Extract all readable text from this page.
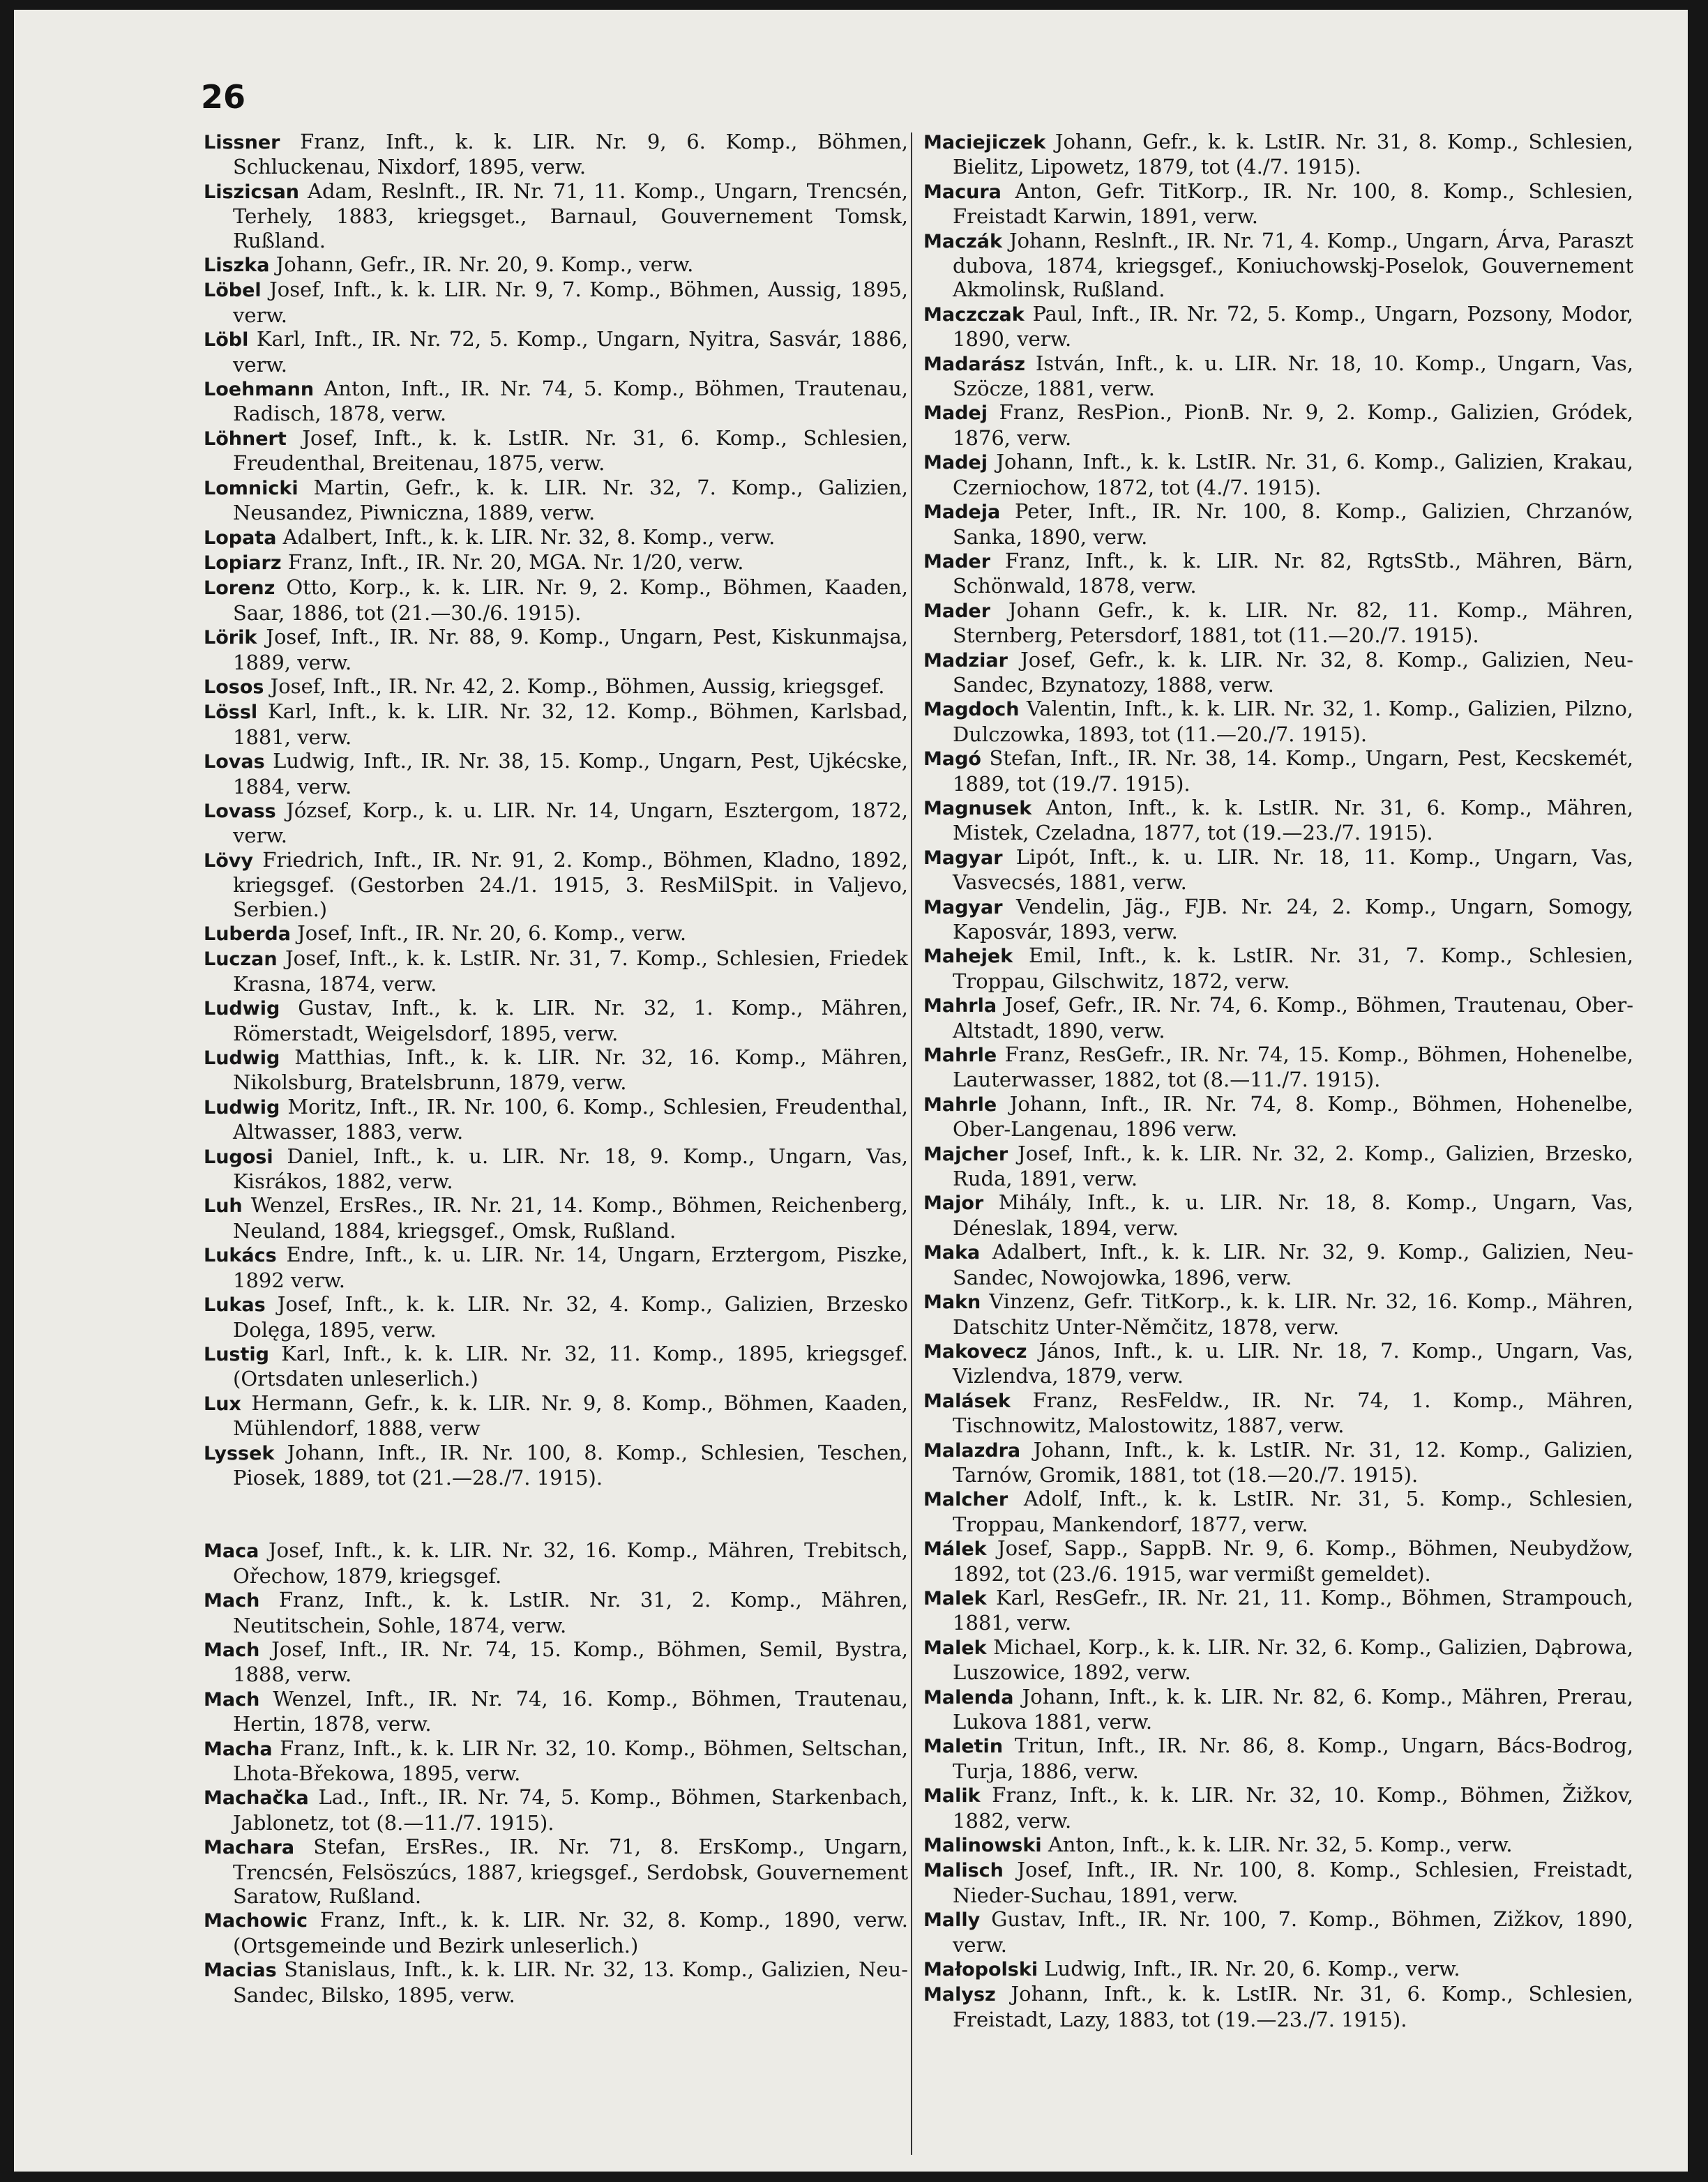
26

Lissner Franz, Inft., k. k. LIR. Nr. 9, 6. Komp., Böhmen, Schluckenau, Nixdorf, 1895, verw.

Liszicsan Adam, Reslnft., IR. Nr. 71, 11. Komp., Ungarn, Trencsén, Terhely, 1883, kriegsget., Barnaul, Gouvernement Tomsk, Rußland.

Liszka Johann, Gefr., IR. Nr. 20, 9. Komp., verw.

Löbel Josef, Inft., k. k. LIR. Nr. 9, 7. Komp., Böhmen, Aussig, 1895, verw.

Löbl Karl, Inft., IR. Nr. 72, 5. Komp., Ungarn, Nyitra, Sasvár, 1886, verw.

Loehmann Anton, Inft., IR. Nr. 74, 5. Komp., Böhmen, Trautenau, Radisch, 1878, verw.

Löhnert Josef, Inft., k. k. LstIR. Nr. 31, 6. Komp., Schlesien, Freudenthal, Breitenau, 1875, verw.

Lomnicki Martin, Gefr., k. k. LIR. Nr. 32, 7. Komp., Galizien, Neusandez, Piwniczna, 1889, verw.

Lopata Adalbert, Inft., k. k. LIR. Nr. 32, 8. Komp., verw.

Lopiarz Franz, Inft., IR. Nr. 20, MGA. Nr. 1/20, verw.

Lorenz Otto, Korp., k. k. LIR. Nr. 9, 2. Komp., Böhmen, Kaaden, Saar, 1886, tot (21.—30./6. 1915).

Lörik Josef, Inft., IR. Nr. 88, 9. Komp., Ungarn, Pest, Kiskunmajsa, 1889, verw.

Losos Josef, Inft., IR. Nr. 42, 2. Komp., Böhmen, Aussig, kriegsgef.

Lössl Karl, Inft., k. k. LIR. Nr. 32, 12. Komp., Böhmen, Karlsbad, 1881, verw.

Lovas Ludwig, Inft., IR. Nr. 38, 15. Komp., Ungarn, Pest, Ujkécske, 1884, verw.

Lovass József, Korp., k. u. LIR. Nr. 14, Ungarn, Esztergom, 1872, verw.

Lövy Friedrich, Inft., IR. Nr. 91, 2. Komp., Böhmen, Kladno, 1892, kriegsgef. (Gestorben 24./1. 1915, 3. ResMilSpit. in Valjevo, Serbien.)

Luberda Josef, Inft., IR. Nr. 20, 6. Komp., verw.

Luczan Josef, Inft., k. k. LstIR. Nr. 31, 7. Komp., Schlesien, Friedek Krasna, 1874, verw.

Ludwig Gustav, Inft., k. k. LIR. Nr. 32, 1. Komp., Mähren, Römerstadt, Weigelsdorf, 1895, verw.

Ludwig Matthias, Inft., k. k. LIR. Nr. 32, 16. Komp., Mähren, Nikolsburg, Bratelsbrunn, 1879, verw.

Ludwig Moritz, Inft., IR. Nr. 100, 6. Komp., Schlesien, Freudenthal, Altwasser, 1883, verw.

Lugosi Daniel, Inft., k. u. LIR. Nr. 18, 9. Komp., Ungarn, Vas, Kisrákos, 1882, verw.

Luh Wenzel, ErsRes., IR. Nr. 21, 14. Komp., Böhmen, Reichenberg, Neuland, 1884, kriegsgef., Omsk, Rußland.

Lukács Endre, Inft., k. u. LIR. Nr. 14, Ungarn, Erztergom, Piszke, 1892 verw.

Lukas Josef, Inft., k. k. LIR. Nr. 32, 4. Komp., Galizien, Brzesko Dolęga, 1895, verw.

Lustig Karl, Inft., k. k. LIR. Nr. 32, 11. Komp., 1895, kriegsgef. (Ortsdaten unleserlich.)

Lux Hermann, Gefr., k. k. LIR. Nr. 9, 8. Komp., Böhmen, Kaaden, Mühlendorf, 1888, verw

Lyssek Johann, Inft., IR. Nr. 100, 8. Komp., Schlesien, Teschen, Piosek, 1889, tot (21.—28./7. 1915).

Maca Josef, Inft., k. k. LIR. Nr. 32, 16. Komp., Mähren, Trebitsch, Ořechow, 1879, kriegsgef.

Mach Franz, Inft., k. k. LstIR. Nr. 31, 2. Komp., Mähren, Neutitschein, Sohle, 1874, verw.

Mach Josef, Inft., IR. Nr. 74, 15. Komp., Böhmen, Semil, Bystra, 1888, verw.

Mach Wenzel, Inft., IR. Nr. 74, 16. Komp., Böhmen, Trautenau, Hertin, 1878, verw.

Macha Franz, Inft., k. k. LIR Nr. 32, 10. Komp., Böhmen, Seltschan, Lhota-Břekowa, 1895, verw.

Machačka Lad., Inft., IR. Nr. 74, 5. Komp., Böhmen, Starkenbach, Jablonetz, tot (8.—11./7. 1915).

Machara Stefan, ErsRes., IR. Nr. 71, 8. ErsKomp., Ungarn, Trencsén, Felsöszúcs, 1887, kriegsgef., Serdobsk, Gouvernement Saratow, Rußland.

Machowic Franz, Inft., k. k. LIR. Nr. 32, 8. Komp., 1890, verw. (Ortsgemeinde und Bezirk unleserlich.)

Macias Stanislaus, Inft., k. k. LIR. Nr. 32, 13. Komp., Galizien, Neu-Sandec, Bilsko, 1895, verw.

Maciejiczek Johann, Gefr., k. k. LstIR. Nr. 31, 8. Komp., Schlesien, Bielitz, Lipowetz, 1879, tot (4./7. 1915).

Macura Anton, Gefr. TitKorp., IR. Nr. 100, 8. Komp., Schlesien, Freistadt Karwin, 1891, verw.

Maczák Johann, Reslnft., IR. Nr. 71, 4. Komp., Ungarn, Árva, Paraszt dubova, 1874, kriegsgef., Koniuchowskj-Poselok, Gouvernement Akmolinsk, Rußland.

Maczczak Paul, Inft., IR. Nr. 72, 5. Komp., Ungarn, Pozsony, Modor, 1890, verw.

Madarász István, Inft., k. u. LIR. Nr. 18, 10. Komp., Ungarn, Vas, Szöcze, 1881, verw.

Madej Franz, ResPion., PionB. Nr. 9, 2. Komp., Galizien, Gródek, 1876, verw.

Madej Johann, Inft., k. k. LstIR. Nr. 31, 6. Komp., Galizien, Krakau, Czerniochow, 1872, tot (4./7. 1915).

Madeja Peter, Inft., IR. Nr. 100, 8. Komp., Galizien, Chrzanów, Sanka, 1890, verw.

Mader Franz, Inft., k. k. LIR. Nr. 82, RgtsStb., Mähren, Bärn, Schönwald, 1878, verw.

Mader Johann Gefr., k. k. LIR. Nr. 82, 11. Komp., Mähren, Sternberg, Petersdorf, 1881, tot (11.—20./7. 1915).

Madziar Josef, Gefr., k. k. LIR. Nr. 32, 8. Komp., Galizien, Neu-Sandec, Bzynatozy, 1888, verw.

Magdoch Valentin, Inft., k. k. LIR. Nr. 32, 1. Komp., Galizien, Pilzno, Dulczowka, 1893, tot (11.—20./7. 1915).

Magó Stefan, Inft., IR. Nr. 38, 14. Komp., Ungarn, Pest, Kecskemét, 1889, tot (19./7. 1915).

Magnusek Anton, Inft., k. k. LstIR. Nr. 31, 6. Komp., Mähren, Mistek, Czeladna, 1877, tot (19.—23./7. 1915).

Magyar Lipót, Inft., k. u. LIR. Nr. 18, 11. Komp., Ungarn, Vas, Vasvecsés, 1881, verw.

Magyar Vendelin, Jäg., FJB. Nr. 24, 2. Komp., Ungarn, Somogy, Kaposvár, 1893, verw.

Mahejek Emil, Inft., k. k. LstIR. Nr. 31, 7. Komp., Schlesien, Troppau, Gilschwitz, 1872, verw.

Mahrla Josef, Gefr., IR. Nr. 74, 6. Komp., Böhmen, Trautenau, Ober-Altstadt, 1890, verw.

Mahrle Franz, ResGefr., IR. Nr. 74, 15. Komp., Böhmen, Hohenelbe, Lauterwasser, 1882, tot (8.—11./7. 1915).

Mahrle Johann, Inft., IR. Nr. 74, 8. Komp., Böhmen, Hohenelbe, Ober-Langenau, 1896 verw.

Majcher Josef, Inft., k. k. LIR. Nr. 32, 2. Komp., Galizien, Brzesko, Ruda, 1891, verw.

Major Mihály, Inft., k. u. LIR. Nr. 18, 8. Komp., Ungarn, Vas, Déneslak, 1894, verw.

Maka Adalbert, Inft., k. k. LIR. Nr. 32, 9. Komp., Galizien, Neu-Sandec, Nowojowka, 1896, verw.

Makn Vinzenz, Gefr. TitKorp., k. k. LIR. Nr. 32, 16. Komp., Mähren, Datschitz Unter-Němčitz, 1878, verw.

Makovecz János, Inft., k. u. LIR. Nr. 18, 7. Komp., Ungarn, Vas, Vizlendva, 1879, verw.

Malásek Franz, ResFeldw., IR. Nr. 74, 1. Komp., Mähren, Tischnowitz, Malostowitz, 1887, verw.

Malazdra Johann, Inft., k. k. LstIR. Nr. 31, 12. Komp., Galizien, Tarnów, Gromik, 1881, tot (18.—20./7. 1915).

Malcher Adolf, Inft., k. k. LstIR. Nr. 31, 5. Komp., Schlesien, Troppau, Mankendorf, 1877, verw.

Málek Josef, Sapp., SappB. Nr. 9, 6. Komp., Böhmen, Neubydžow, 1892, tot (23./6. 1915, war vermißt gemeldet).

Malek Karl, ResGefr., IR. Nr. 21, 11. Komp., Böhmen, Strampouch, 1881, verw.

Malek Michael, Korp., k. k. LIR. Nr. 32, 6. Komp., Galizien, Dąbrowa, Luszowice, 1892, verw.

Malenda Johann, Inft., k. k. LIR. Nr. 82, 6. Komp., Mähren, Prerau, Lukova 1881, verw.

Maletin Tritun, Inft., IR. Nr. 86, 8. Komp., Ungarn, Bács-Bodrog, Turja, 1886, verw.

Malik Franz, Inft., k. k. LIR. Nr. 32, 10. Komp., Böhmen, Žižkov, 1882, verw.

Malinowski Anton, Inft., k. k. LIR. Nr. 32, 5. Komp., verw.

Malisch Josef, Inft., IR. Nr. 100, 8. Komp., Schlesien, Freistadt, Nieder-Suchau, 1891, verw.

Mally Gustav, Inft., IR. Nr. 100, 7. Komp., Böhmen, Zižkov, 1890, verw.

Małopolski Ludwig, Inft., IR. Nr. 20, 6. Komp., verw.

Malysz Johann, Inft., k. k. LstIR. Nr. 31, 6. Komp., Schlesien, Freistadt, Lazy, 1883, tot (19.—23./7. 1915).
